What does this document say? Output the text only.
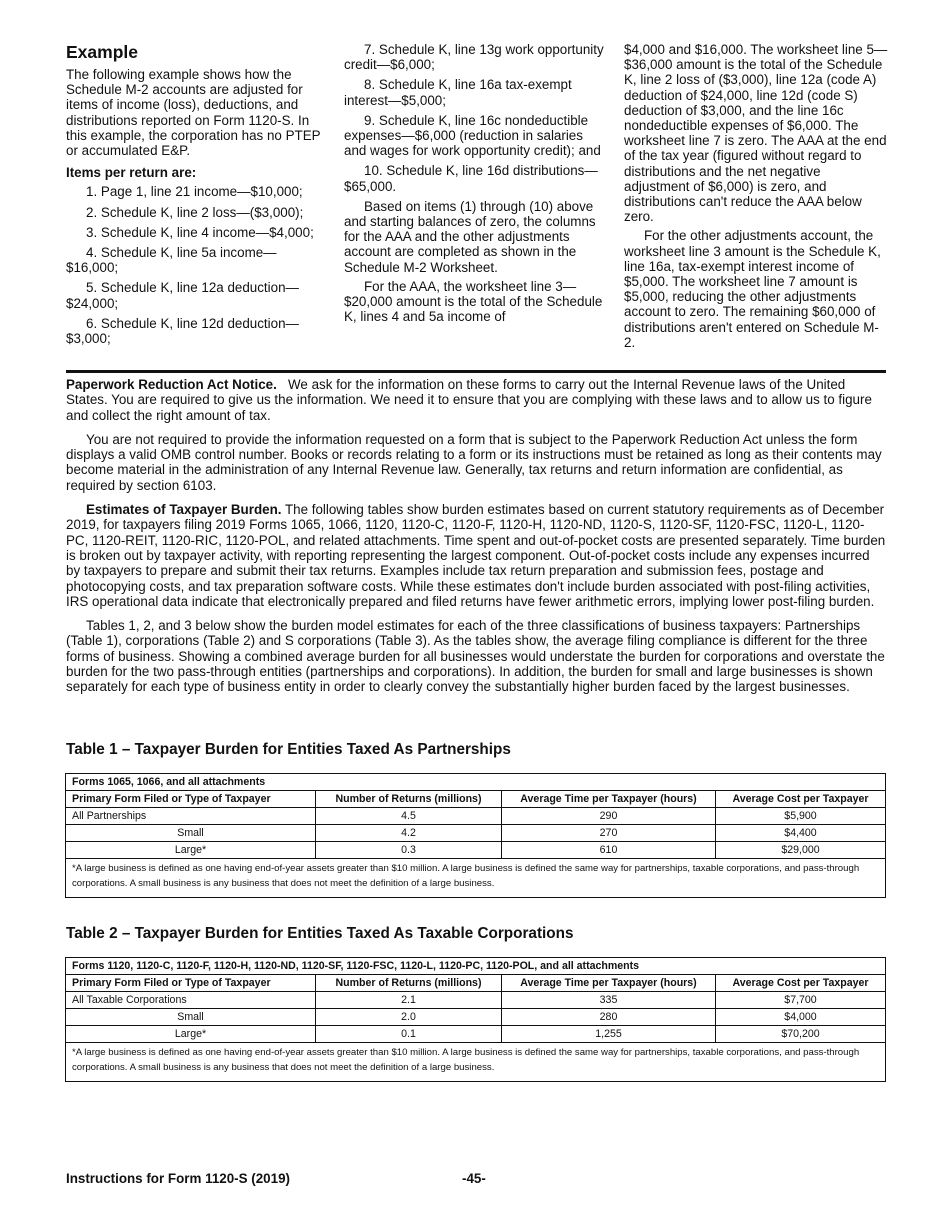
Example
The following example shows how the Schedule M-2 accounts are adjusted for items of income (loss), deductions, and distributions reported on Form 1120-S. In this example, the corporation has no PTEP or accumulated E&P.
Items per return are:
1. Page 1, line 21 income—$10,000;
2. Schedule K, line 2 loss—($3,000);
3. Schedule K, line 4 income—$4,000;
4. Schedule K, line 5a income—$16,000;
5. Schedule K, line 12a deduction—$24,000;
6. Schedule K, line 12d deduction—$3,000;
7. Schedule K, line 13g work opportunity credit—$6,000;
8. Schedule K, line 16a tax-exempt interest—$5,000;
9. Schedule K, line 16c nondeductible expenses—$6,000 (reduction in salaries and wages for work opportunity credit); and
10. Schedule K, line 16d distributions—$65,000.
Based on items (1) through (10) above and starting balances of zero, the columns for the AAA and the other adjustments account are completed as shown in the Schedule M-2 Worksheet.
For the AAA, the worksheet line 3—$20,000 amount is the total of the Schedule K, lines 4 and 5a income of
$4,000 and $16,000. The worksheet line 5—$36,000 amount is the total of the Schedule K, line 2 loss of ($3,000), line 12a (code A) deduction of $24,000, line 12d (code S) deduction of $3,000, and the line 16c nondeductible expenses of $6,000. The worksheet line 7 is zero. The AAA at the end of the tax year (figured without regard to distributions and the net negative adjustment of $6,000) is zero, and distributions can't reduce the AAA below zero.
For the other adjustments account, the worksheet line 3 amount is the Schedule K, line 16a, tax-exempt interest income of $5,000. The worksheet line 7 amount is $5,000, reducing the other adjustments account to zero. The remaining $60,000 of distributions aren't entered on Schedule M-2.
Paperwork Reduction Act Notice. We ask for the information on these forms to carry out the Internal Revenue laws of the United States. You are required to give us the information. We need it to ensure that you are complying with these laws and to allow us to figure and collect the right amount of tax.
You are not required to provide the information requested on a form that is subject to the Paperwork Reduction Act unless the form displays a valid OMB control number. Books or records relating to a form or its instructions must be retained as long as their contents may become material in the administration of any Internal Revenue law. Generally, tax returns and return information are confidential, as required by section 6103.
Estimates of Taxpayer Burden. The following tables show burden estimates based on current statutory requirements as of December 2019, for taxpayers filing 2019 Forms 1065, 1066, 1120, 1120-C, 1120-F, 1120-H, 1120-ND, 1120-S, 1120-SF, 1120-FSC, 1120-L, 1120-PC, 1120-REIT, 1120-RIC, 1120-POL, and related attachments. Time spent and out-of-pocket costs are presented separately. Time burden is broken out by taxpayer activity, with reporting representing the largest component. Out-of-pocket costs include any expenses incurred by taxpayers to prepare and submit their tax returns. Examples include tax return preparation and submission fees, postage and photocopying costs, and tax preparation software costs. While these estimates don't include burden associated with post-filing activities, IRS operational data indicate that electronically prepared and filed returns have fewer arithmetic errors, implying lower post-filing burden.
Tables 1, 2, and 3 below show the burden model estimates for each of the three classifications of business taxpayers: Partnerships (Table 1), corporations (Table 2) and S corporations (Table 3). As the tables show, the average filing compliance is different for the three forms of business. Showing a combined average burden for all businesses would understate the burden for corporations and overstate the burden for the two pass-through entities (partnerships and corporations). In addition, the burden for small and large businesses is shown separately for each type of business entity in order to clearly convey the substantially higher burden faced by the largest businesses.
Table 1 – Taxpayer Burden for Entities Taxed As Partnerships
Forms 1065, 1066, and all attachments			
Primary Form Filed or Type of Taxpayer	Number of Returns (millions)	Average Time per Taxpayer (hours)	Average Cost per Taxpayer
All Partnerships	4.5	290	$5,900
Small	4.2	270	$4,400
Large*	0.3	610	$29,000
*A large business is defined as one having end-of-year assets greater than $10 million. A large business is defined the same way for partnerships, taxable corporations, and pass-through corporations. A small business is any business that does not meet the definition of a large business.			
Table 2 – Taxpayer Burden for Entities Taxed As Taxable Corporations
Forms 1120, 1120-C, 1120-F, 1120-H, 1120-ND, 1120-SF, 1120-FSC, 1120-L, 1120-PC, 1120-POL, and all attachments			
Primary Form Filed or Type of Taxpayer	Number of Returns (millions)	Average Time per Taxpayer (hours)	Average Cost per Taxpayer
All Taxable Corporations	2.1	335	$7,700
Small	2.0	280	$4,000
Large*	0.1	1,255	$70,200
*A large business is defined as one having end-of-year assets greater than $10 million. A large business is defined the same way for partnerships, taxable corporations, and pass-through corporations. A small business is any business that does not meet the definition of a large business.			
Instructions for Form 1120-S (2019)	-45-
